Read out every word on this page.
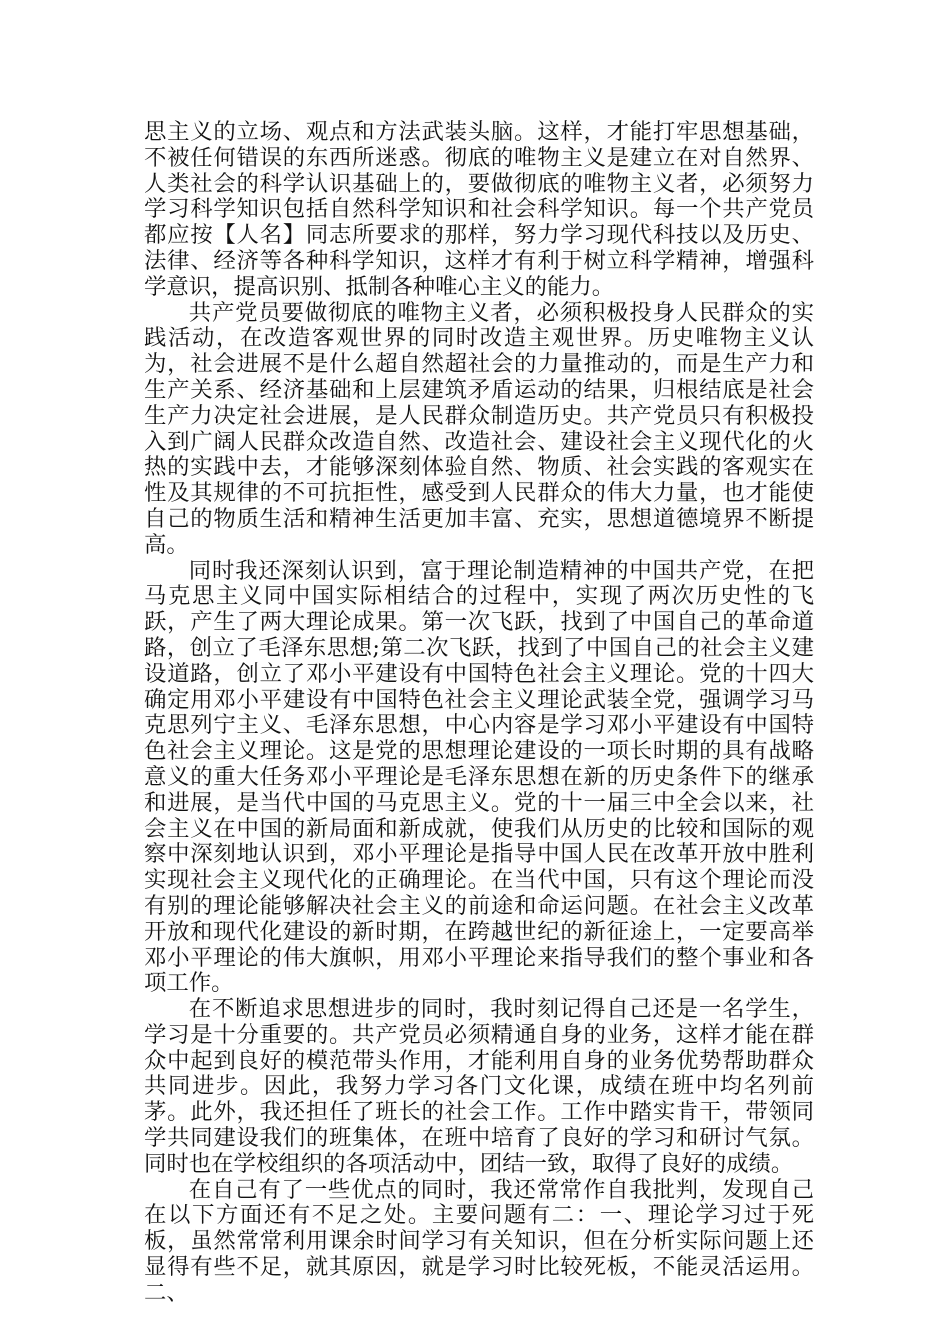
思主义的立场、观点和方法武装头脑。这样，才能打牢思想基础，不被任何错误的东西所迷惑。彻底的唯物主义是建立在对自然界、人类社会的科学认识基础上的，要做彻底的唯物主义者，必须努力学习科学知识包括自然科学知识和社会科学知识。每一个共产党员都应按【人名】同志所要求的那样，努力学习现代科技以及历史、法律、经济等各种科学知识，这样才有利于树立科学精神，增强科学意识，提高识别、抵制各种唯心主义的能力。

共产党员要做彻底的唯物主义者，必须积极投身人民群众的实践活动，在改造客观世界的同时改造主观世界。历史唯物主义认为，社会进展不是什么超自然超社会的力量推动的，而是生产力和生产关系、经济基础和上层建筑矛盾运动的结果，归根结底是社会生产力决定社会进展，是人民群众制造历史。共产党员只有积极投入到广阔人民群众改造自然、改造社会、建设社会主义现代化的火热的实践中去，才能够深刻体验自然、物质、社会实践的客观实在性及其规律的不可抗拒性，感受到人民群众的伟大力量，也才能使自己的物质生活和精神生活更加丰富、充实，思想道德境界不断提高。

同时我还深刻认识到，富于理论制造精神的中国共产党，在把马克思主义同中国实际相结合的过程中，实现了两次历史性的飞跃，产生了两大理论成果。第一次飞跃，找到了中国自己的革命道路，创立了毛泽东思想;第二次飞跃，找到了中国自己的社会主义建设道路，创立了邓小平建设有中国特色社会主义理论。党的十四大确定用邓小平建设有中国特色社会主义理论武装全党，强调学习马克思列宁主义、毛泽东思想，中心内容是学习邓小平建设有中国特色社会主义理论。这是党的思想理论建设的一项长时期的具有战略意义的重大任务邓小平理论是毛泽东思想在新的历史条件下的继承和进展，是当代中国的马克思主义。党的十一届三中全会以来，社会主义在中国的新局面和新成就，使我们从历史的比较和国际的观察中深刻地认识到，邓小平理论是指导中国人民在改革开放中胜利实现社会主义现代化的正确理论。在当代中国，只有这个理论而没有别的理论能够解决社会主义的前途和命运问题。在社会主义改革开放和现代化建设的新时期，在跨越世纪的新征途上，一定要高举邓小平理论的伟大旗帜，用邓小平理论来指导我们的整个事业和各项工作。

在不断追求思想进步的同时，我时刻记得自己还是一名学生，学习是十分重要的。共产党员必须精通自身的业务，这样才能在群众中起到良好的模范带头作用，才能利用自身的业务优势帮助群众共同进步。因此，我努力学习各门文化课，成绩在班中均名列前茅。此外，我还担任了班长的社会工作。工作中踏实肯干，带领同学共同建设我们的班集体，在班中培育了良好的学习和研讨气氛。同时也在学校组织的各项活动中，团结一致，取得了良好的成绩。

在自己有了一些优点的同时，我还常常作自我批判，发现自己在以下方面还有不足之处。主要问题有二：一、理论学习过于死板，虽然常常利用课余时间学习有关知识，但在分析实际问题上还显得有些不足，就其原因，就是学习时比较死板，不能灵活运用。二、
